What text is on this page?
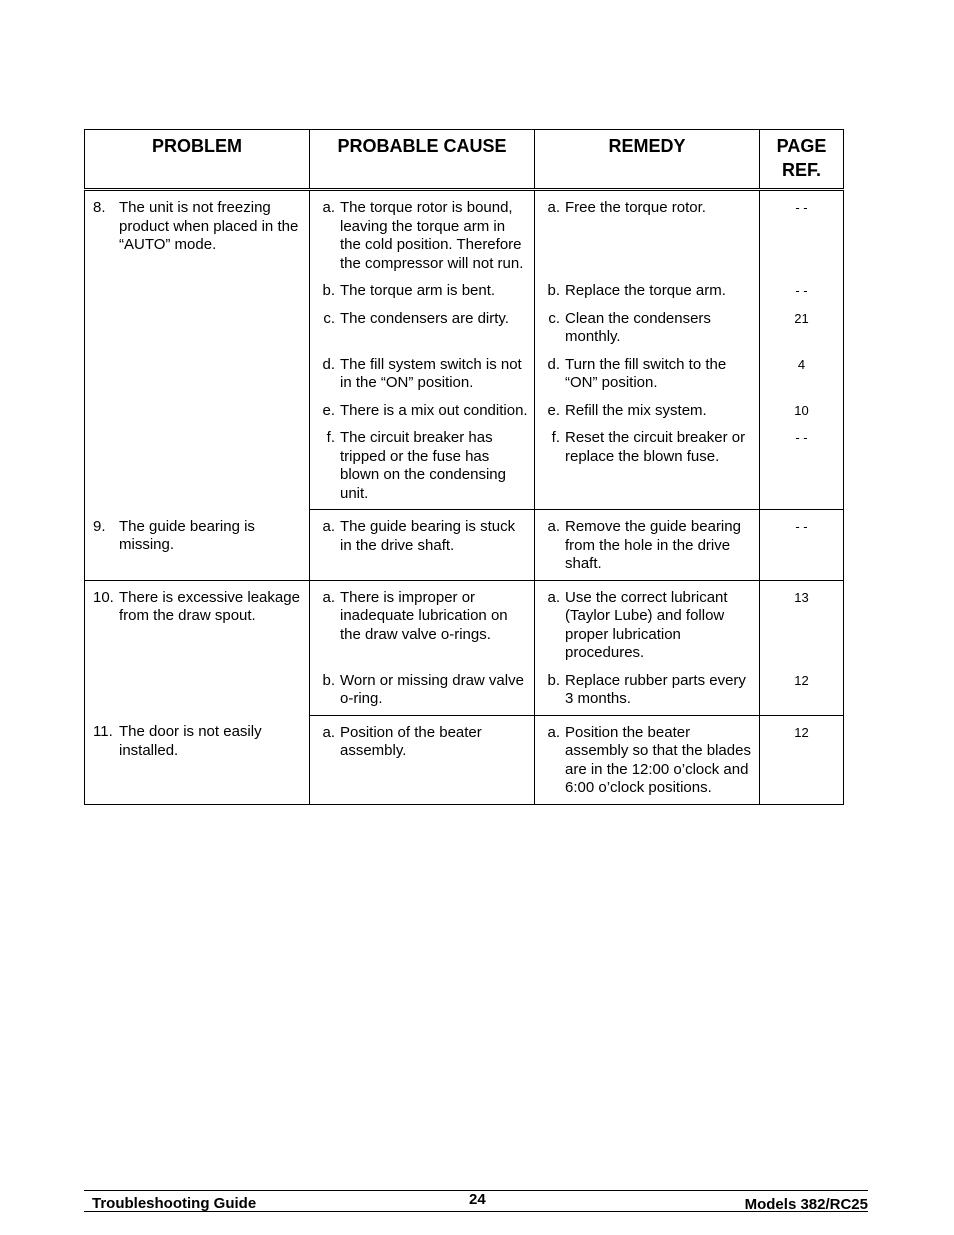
PROBLEM	PROBABLE CAUSE	REMEDY	PAGE
REF.

8. The unit is not freezing product when placed in the “AUTO” mode.	a. The torque rotor is bound, leaving the torque arm in the cold position. Therefore the compressor will not run.	a. Free the torque rotor.	- -

	b. The torque arm is bent.	b. Replace the torque arm.	- -

	c. The condensers are dirty.	c. Clean the condensers monthly.	21

	d. The fill system switch is not in the “ON” position.	d. Turn the fill switch to the “ON” position.	4

	e. There is a mix out condition.	e. Refill the mix system.	10

	f. The circuit breaker has tripped or the fuse has blown on the condensing unit.	f. Reset the circuit breaker or replace the blown fuse.	- -

9. The guide bearing is missing.	a. The guide bearing is stuck in the drive shaft.	a. Remove the guide bearing from the hole in the drive shaft.	- -

10. There is excessive leakage from the draw spout.	a. There is improper or inadequate lubrication on the draw valve o-rings.	a. Use the correct lubricant (Taylor Lube) and follow proper lubrication procedures.	13

	b. Worn or missing draw valve o-ring.	b. Replace rubber parts every 3 months.	12

11. The door is not easily installed.	a. Position of the beater assembly.	a. Position the beater assembly so that the blades are in the 12:00 o’clock and 6:00 o’clock positions.	12
Troubleshooting Guide	24	Models 382/RC25
